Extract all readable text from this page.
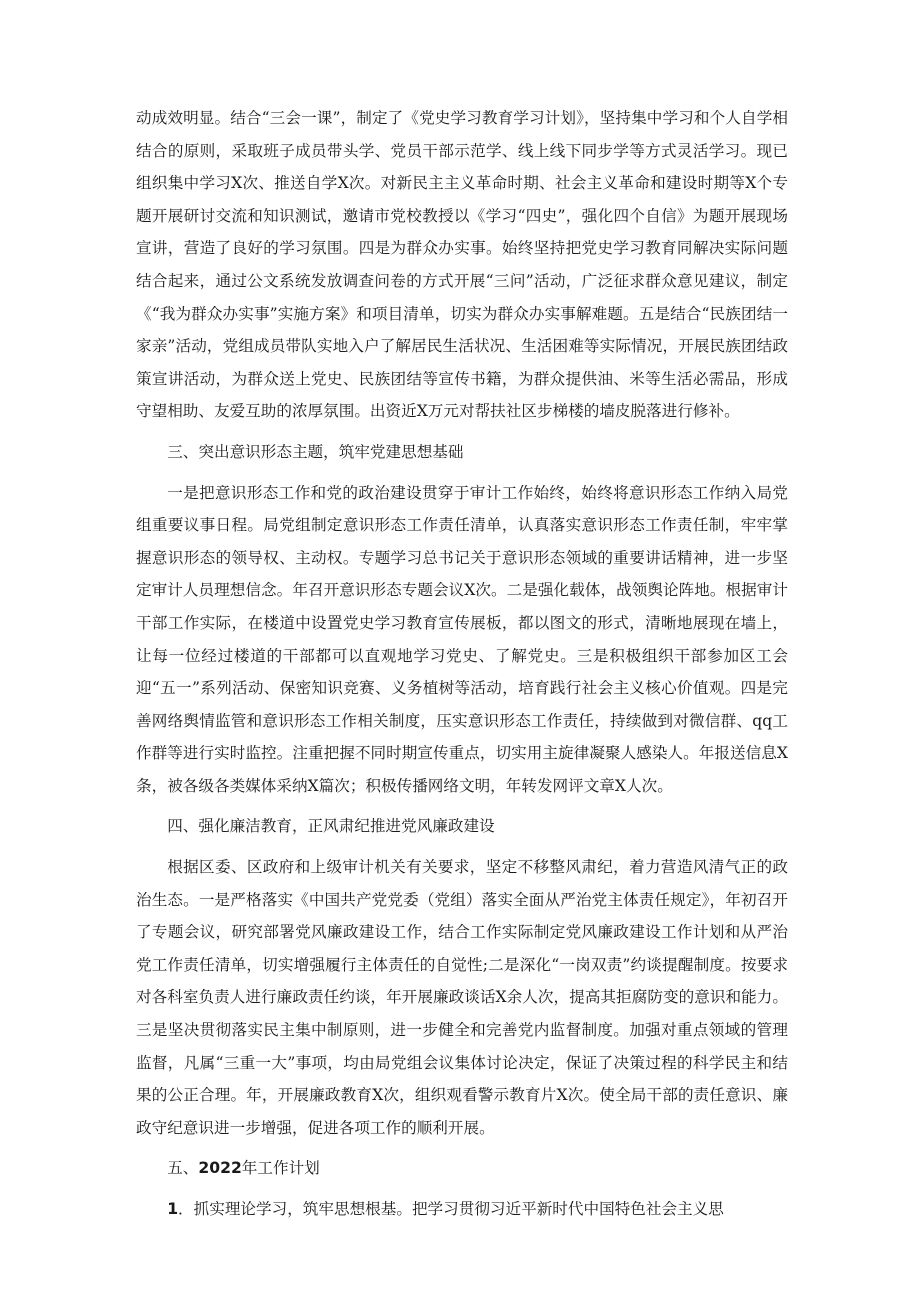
动成效明显。结合“三会一课”，制定了《党史学习教育学习计划》，坚持集中学习和个人自学相结合的原则，采取班子成员带头学、党员干部示范学、线上线下同步学等方式灵活学习。现已组织集中学习X次、推送自学X次。对新民主主义革命时期、社会主义革命和建设时期等X个专题开展研讨交流和知识测试，邀请市党校教授以《学习“四史”，强化四个自信》为题开展现场宣讲，营造了良好的学习氛围。四是为群众办实事。始终坚持把党史学习教育同解决实际问题结合起来，通过公文系统发放调查问卷的方式开展“三问”活动，广泛征求群众意见建议，制定《“我为群众办实事”实施方案》和项目清单，切实为群众办实事解难题。五是结合“民族团结一家亲”活动，党组成员带队实地入户了解居民生活状况、生活困难等实际情况，开展民族团结政策宣讲活动，为群众送上党史、民族团结等宣传书籍，为群众提供油、米等生活必需品，形成守望相助、友爱互助的浓厚氛围。出资近X万元对帮扶社区步梯楼的墙皮脱落进行修补。

三、突出意识形态主题，筑牢党建思想基础

一是把意识形态工作和党的政治建设贯穿于审计工作始终，始终将意识形态工作纳入局党组重要议事日程。局党组制定意识形态工作责任清单，认真落实意识形态工作责任制，牢牢掌握意识形态的领导权、主动权。专题学习总书记关于意识形态领域的重要讲话精神，进一步坚定审计人员理想信念。年召开意识形态专题会议X次。二是强化载体，战领舆论阵地。根据审计干部工作实际，在楼道中设置党史学习教育宣传展板，都以图文的形式，清晰地展现在墙上，让每一位经过楼道的干部都可以直观地学习党史、了解党史。三是积极组织干部参加区工会迎“五一”系列活动、保密知识竞赛、义务植树等活动，培育践行社会主义核心价值观。四是完善网络舆情监管和意识形态工作相关制度，压实意识形态工作责任，持续做到对微信群、qq工作群等进行实时监控。注重把握不同时期宣传重点，切实用主旋律凝聚人感染人。年报送信息X条，被各级各类媒体采纳X篇次；积极传播网络文明，年转发网评文章X人次。

四、强化廉洁教育，正风肃纪推进党风廉政建设

根据区委、区政府和上级审计机关有关要求，坚定不移整风肃纪，着力营造风清气正的政治生态。一是严格落实《中国共产党党委（党组）落实全面从严治党主体责任规定》，年初召开了专题会议，研究部署党风廉政建设工作，结合工作实际制定党风廉政建设工作计划和从严治党工作责任清单，切实增强履行主体责任的自觉性;二是深化“一岗双责”约谈提醒制度。按要求对各科室负责人进行廉政责任约谈，年开展廉政谈话X余人次，提高其拒腐防变的意识和能力。三是坚决贯彻落实民主集中制原则，进一步健全和完善党内监督制度。加强对重点领域的管理监督，凡属“三重一大”事项，均由局党组会议集体讨论决定，保证了决策过程的科学民主和结果的公正合理。年，开展廉政教育X次，组织观看警示教育片X次。使全局干部的责任意识、廉政守纪意识进一步增强，促进各项工作的顺利开展。

五、2022年工作计划

1．抓实理论学习，筑牢思想根基。把学习贯彻习近平新时代中国特色社会主义思
